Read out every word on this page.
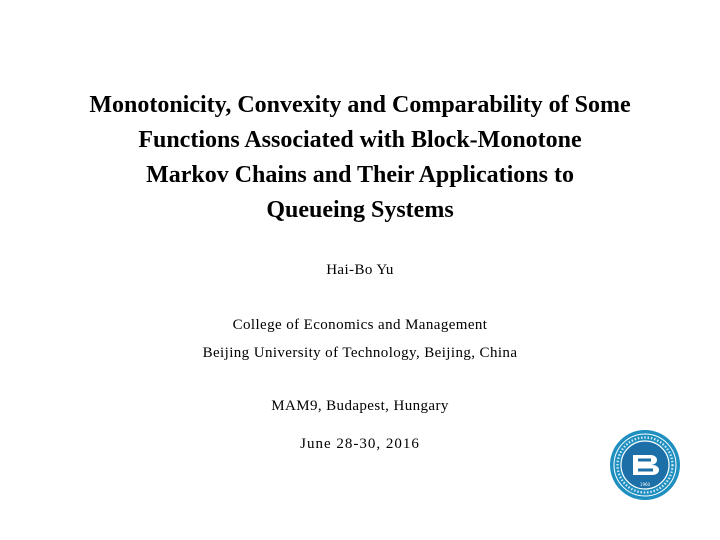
Monotonicity, Convexity and Comparability of Some
Functions Associated with Block-Monotone
Markov Chains and Their Applications to
Queueing Systems
Hai-Bo Yu
College of Economics and Management
Beijing University of Technology, Beijing, China
MAM9, Budapest, Hungary
June 28-30, 2016
1960
